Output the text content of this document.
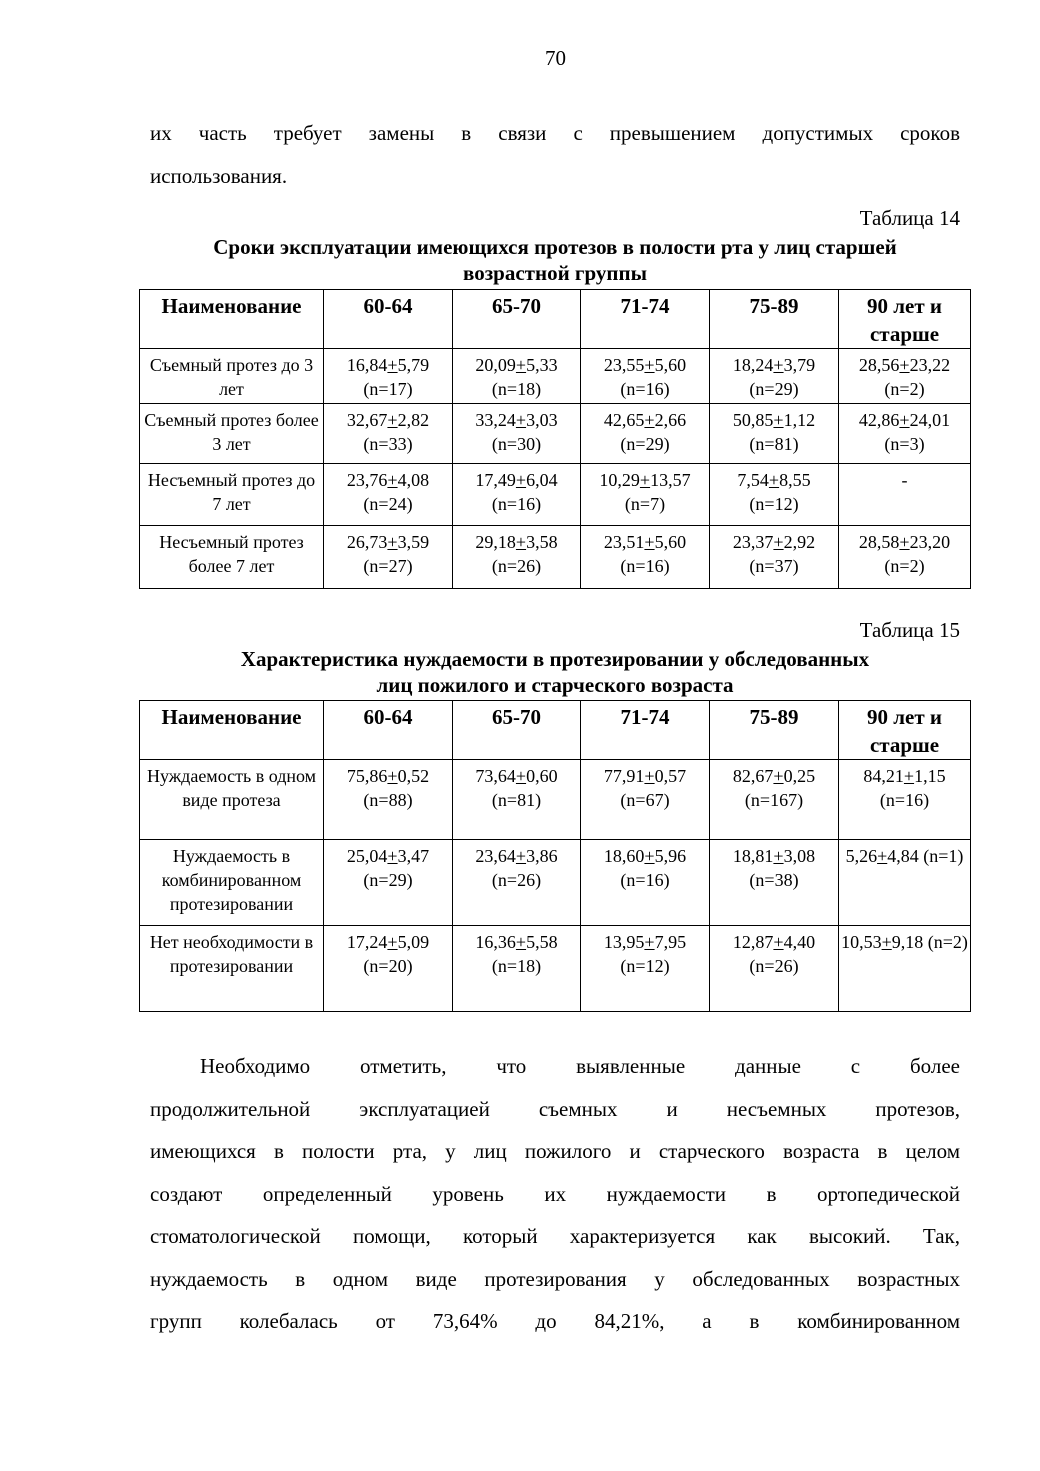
70
их часть требует замены в связи с превышением допустимых сроков
использования.
Таблица 14
Сроки эксплуатации имеющихся протезов в полости рта у лиц старшей
возрастной группы
Наименование	60-64	65-70	71-74	75-89	90 лет и старше
Съемный протез до 3 лет	16,84+5,79 (n=17)	20,09+5,33 (n=18)	23,55+5,60 (n=16)	18,24+3,79 (n=29)	28,56+23,22 (n=2)
Съемный протез более 3 лет	32,67+2,82 (n=33)	33,24+3,03 (n=30)	42,65+2,66 (n=29)	50,85+1,12 (n=81)	42,86+24,01 (n=3)
Несъемный протез до 7 лет	23,76+4,08 (n=24)	17,49+6,04 (n=16)	10,29+13,57 (n=7)	7,54+8,55 (n=12)	-
Несъемный протез более 7 лет	26,73+3,59 (n=27)	29,18+3,58 (n=26)	23,51+5,60 (n=16)	23,37+2,92 (n=37)	28,58+23,20 (n=2)
Таблица 15
Характеристика нуждаемости в протезировании у обследованных
лиц пожилого и старческого возраста
Наименование	60-64	65-70	71-74	75-89	90 лет и старше
Нуждаемость в одном виде протеза	75,86+0,52 (n=88)	73,64+0,60 (n=81)	77,91+0,57 (n=67)	82,67+0,25 (n=167)	84,21+1,15 (n=16)
Нуждаемость в комбинированном протезировании	25,04+3,47 (n=29)	23,64+3,86 (n=26)	18,60+5,96 (n=16)	18,81+3,08 (n=38)	5,26+4,84 (n=1)
Нет необходимости в протезировании	17,24+5,09 (n=20)	16,36+5,58 (n=18)	13,95+7,95 (n=12)	12,87+4,40 (n=26)	10,53+9,18 (n=2)
Необходимо отметить, что выявленные данные с более
продолжительной эксплуатацией съемных и несъемных протезов,
имеющихся в полости рта, у лиц пожилого и старческого возраста в целом
создают определенный уровень их нуждаемости в ортопедической
стоматологической помощи, который характеризуется как высокий. Так,
нуждаемость в одном виде протезирования у обследованных возрастных
групп колебалась от 73,64% до 84,21%, а в комбинированном
